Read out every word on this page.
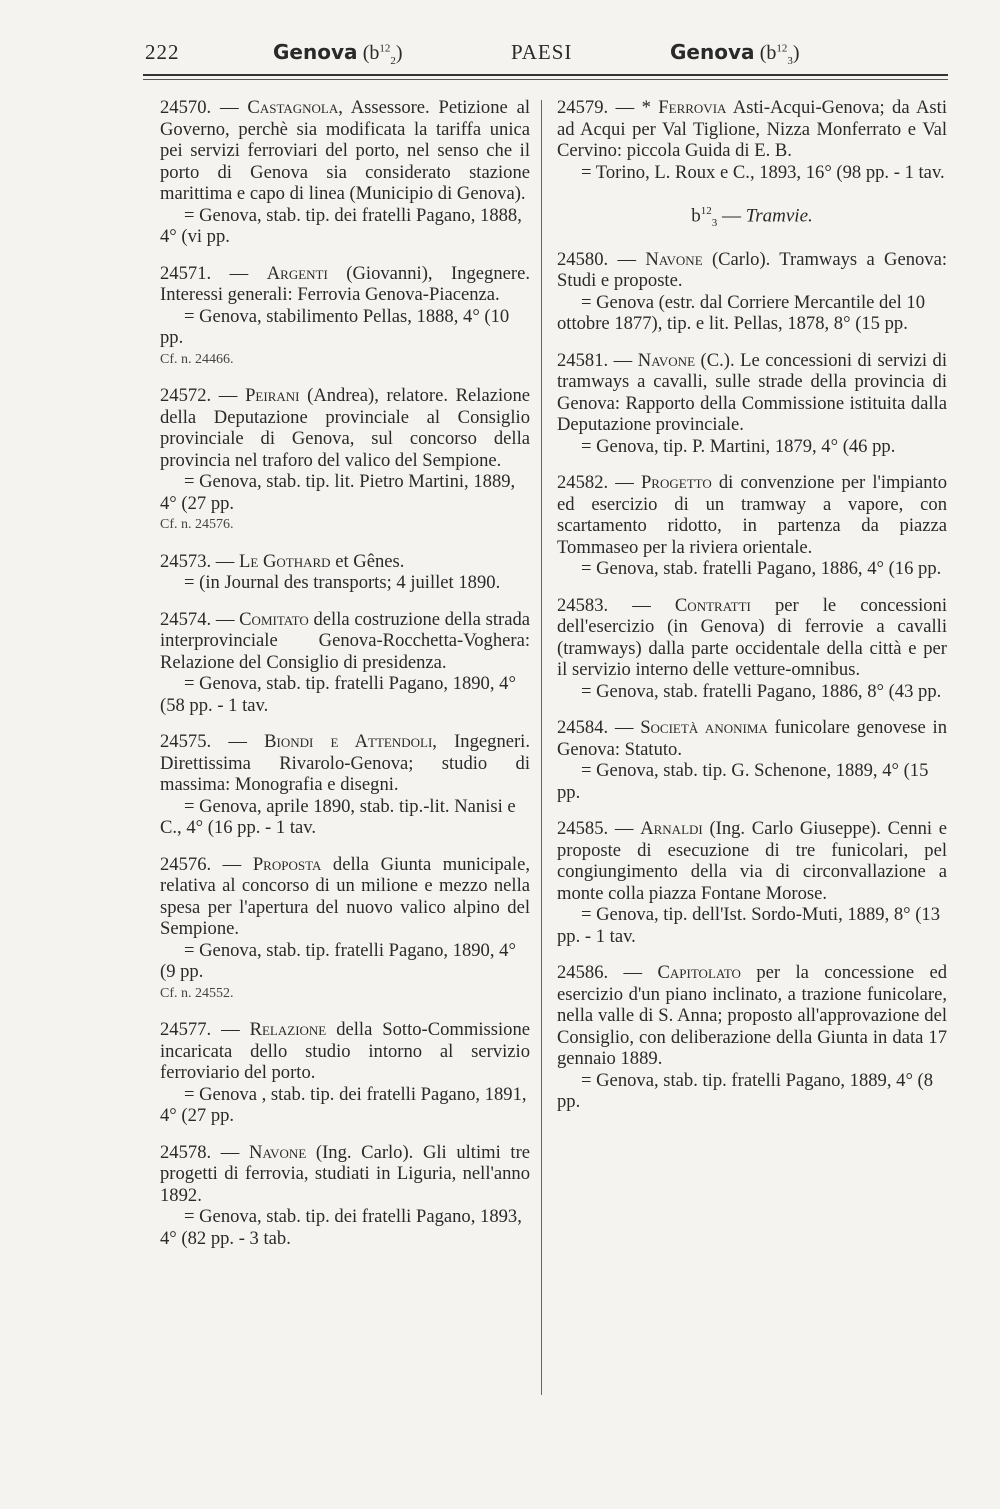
222	Genova $(b^{12}_2)$	PAESI	Genova $(b^{12}_3)$

24570. — Castagnola, Assessore. Petizione al Governo, perchè sia modificata la tariffa unica pei servizi ferroviari del porto, nel senso che il porto di Genova sia considerato stazione marittima e capo di linea (Municipio di Genova).

= Genova, stab. tip. dei fratelli Pagano, 1888, 4° (vi pp.

24571. — Argenti (Giovanni), Ingegnere. Interessi generali: Ferrovia Genova-Piacenza.

= Genova, stabilimento Pellas, 1888, 4° (10 pp.

Cf. n. 24466.

24572. — Peirani (Andrea), relatore. Relazione della Deputazione provinciale al Consiglio provinciale di Genova, sul concorso della provincia nel traforo del valico del Sempione.

= Genova, stab. tip. lit. Pietro Martini, 1889, 4° (27 pp.

Cf. n. 24576.

24573. — Le Gothard et Gênes.

= (in Journal des transports; 4 juillet 1890.

24574. — Comitato della costruzione della strada interprovinciale Genova-Rocchetta-Voghera: Relazione del Consiglio di presidenza.

= Genova, stab. tip. fratelli Pagano, 1890, 4° (58 pp. - 1 tav.

24575. — Biondi e Attendoli, Ingegneri. Direttissima Rivarolo-Genova; studio di massima: Monografia e disegni.

= Genova, aprile 1890, stab. tip.-lit. Nanisi e C., 4° (16 pp. - 1 tav.

24576. — Proposta della Giunta municipale, relativa al concorso di un milione e mezzo nella spesa per l'apertura del nuovo valico alpino del Sempione.

= Genova, stab. tip. fratelli Pagano, 1890, 4° (9 pp.

Cf. n. 24552.

24577. — Relazione della Sotto-Commissione incaricata dello studio intorno al servizio ferroviario del porto.

= Genova , stab. tip. dei fratelli Pagano, 1891, 4° (27 pp.

24578. — Navone (Ing. Carlo). Gli ultimi tre progetti di ferrovia, studiati in Liguria, nell'anno 1892.

= Genova, stab. tip. dei fratelli Pagano, 1893, 4° (82 pp. - 3 tab.

24579. — * Ferrovia Asti-Acqui-Genova; da Asti ad Acqui per Val Tiglione, Nizza Monferrato e Val Cervino: piccola Guida di E. B.

= Torino, L. Roux e C., 1893, 16° (98 pp. - 1 tav.

$b^{12}_3$ — Tramvie.

24580. — Navone (Carlo). Tramways a Genova: Studi e proposte.

= Genova (estr. dal Corriere Mercantile del 10 ottobre 1877), tip. e lit. Pellas, 1878, 8° (15 pp.

24581. — Navone (C.). Le concessioni di servizi di tramways a cavalli, sulle strade della provincia di Genova: Rapporto della Commissione istituita dalla Deputazione provinciale.

= Genova, tip. P. Martini, 1879, 4° (46 pp.

24582. — Progetto di convenzione per l'impianto ed esercizio di un tramway a vapore, con scartamento ridotto, in partenza da piazza Tommaseo per la riviera orientale.

= Genova, stab. fratelli Pagano, 1886, 4° (16 pp.

24583. — Contratti per le concessioni dell'esercizio (in Genova) di ferrovie a cavalli (tramways) dalla parte occidentale della città e per il servizio interno delle vetture-omnibus.

= Genova, stab. fratelli Pagano, 1886, 8° (43 pp.

24584. — Società anonima funicolare genovese in Genova: Statuto.

= Genova, stab. tip. G. Schenone, 1889, 4° (15 pp.

24585. — Arnaldi (Ing. Carlo Giuseppe). Cenni e proposte di esecuzione di tre funicolari, pel congiungimento della via di circonvallazione a monte colla piazza Fontane Morose.

= Genova, tip. dell'Ist. Sordo-Muti, 1889, 8° (13 pp. - 1 tav.

24586. — Capitolato per la concessione ed esercizio d'un piano inclinato, a trazione funicolare, nella valle di S. Anna; proposto all'approvazione del Consiglio, con deliberazione della Giunta in data 17 gennaio 1889.

= Genova, stab. tip. fratelli Pagano, 1889, 4° (8 pp.
